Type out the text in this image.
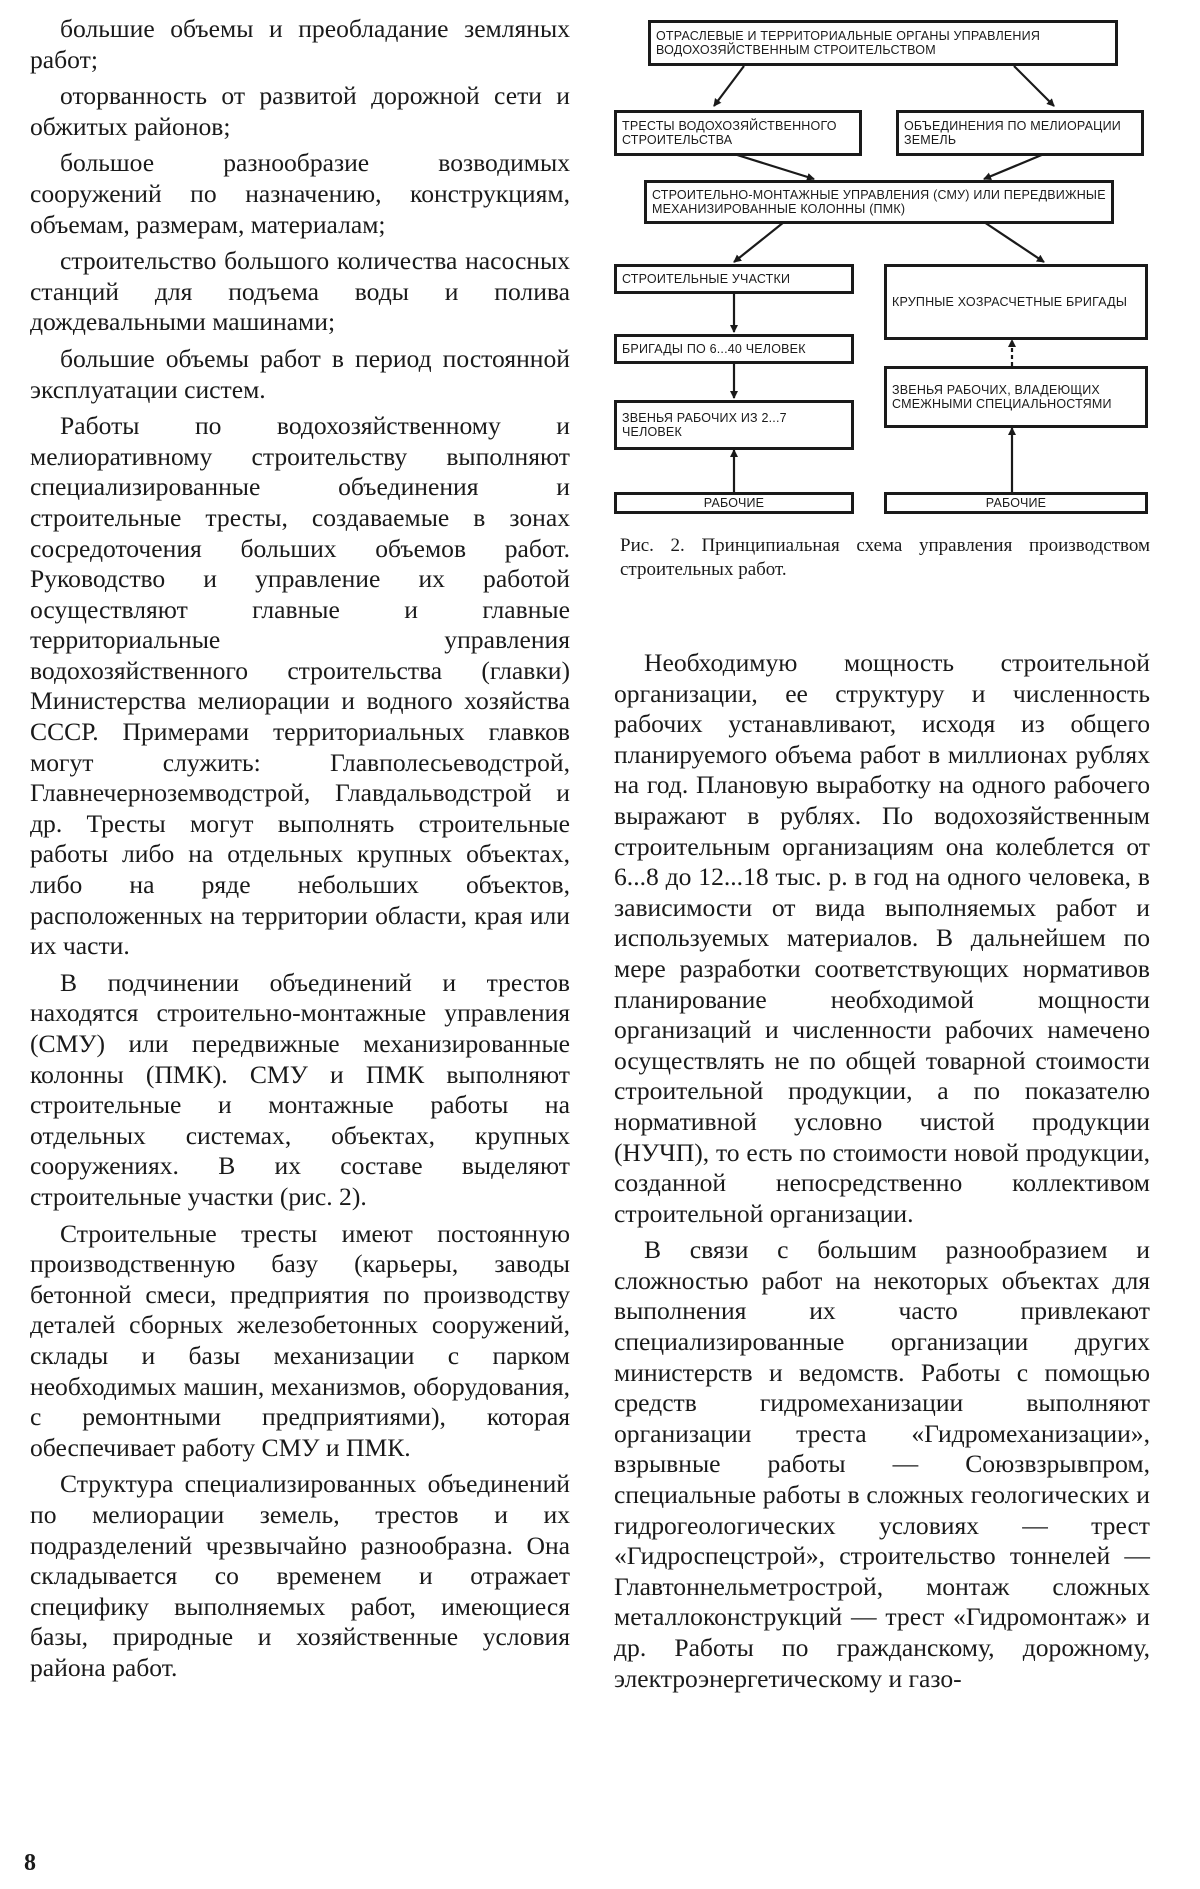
большие объемы и преобладание земляных работ;

оторванность от развитой дорожной сети и обжитых районов;

большое разнообразие возводимых сооружений по назначению, конструкциям, объемам, размерам, материалам;

строительство большого количества насосных станций для подъема воды и полива дождевальными машинами;

большие объемы работ в период постоянной эксплуатации систем.

Работы по водохозяйственному и мелиоративному строительству выполняют специализированные объединения и строительные тресты, создаваемые в зонах сосредоточения больших объемов работ. Руководство и управление их работой осуществляют главные и главные территориальные управления водохозяйственного строительства (главки) Министерства мелиорации и водного хозяйства СССР. Примерами территориальных главков могут служить: Главполесьеводстрой, Главнечерноземводстрой, Главдальводстрой и др. Тресты могут выполнять строительные работы либо на отдельных крупных объектах, либо на ряде небольших объектов, расположенных на территории области, края или их части.

В подчинении объединений и трестов находятся строительно-монтажные управления (СМУ) или передвижные механизированные колонны (ПМК). СМУ и ПМК выполняют строительные и монтажные работы на отдельных системах, объектах, крупных сооружениях. В их составе выделяют строительные участки (рис. 2).

Строительные тресты имеют постоянную производственную базу (карьеры, заводы бетонной смеси, предприятия по производству деталей сборных железобетонных сооружений, склады и базы механизации с парком необходимых машин, механизмов, оборудования, с ремонтными предприятиями), которая обеспечивает работу СМУ и ПМК.

Структура специализированных объединений по мелиорации земель, трестов и их подразделений чрезвычайно разнообразна. Она складывается со временем и отражает специфику выполняемых работ, имеющиеся базы, природные и хозяйственные условия района работ.

ОТРАСЛЕВЫЕ И ТЕРРИТОРИАЛЬНЫЕ ОРГАНЫ УПРАВЛЕНИЯ ВОДОХОЗЯЙСТВЕННЫМ СТРОИТЕЛЬСТВОМ
ТРЕСТЫ ВОДОХОЗЯЙСТВЕННОГО СТРОИТЕЛЬСТВА
ОБЪЕДИНЕНИЯ ПО МЕЛИОРАЦИИ ЗЕМЕЛЬ
СТРОИТЕЛЬНО-МОНТАЖНЫЕ УПРАВЛЕНИЯ (СМУ) ИЛИ ПЕРЕДВИЖНЫЕ МЕХАНИЗИРОВАННЫЕ КОЛОННЫ (ПМК)
СТРОИТЕЛЬНЫЕ УЧАСТКИ
КРУПНЫЕ ХОЗРАСЧЕТНЫЕ БРИГАДЫ
БРИГАДЫ ПО 6...40 ЧЕЛОВЕК
ЗВЕНЬЯ РАБОЧИХ, ВЛАДЕЮЩИХ СМЕЖНЫМИ СПЕЦИАЛЬНОСТЯМИ
ЗВЕНЬЯ РАБОЧИХ ИЗ 2...7 ЧЕЛОВЕК
РАБОЧИЕ	РАБОЧИЕ

Рис. 2. Принципиальная схема управления производством строительных работ.

Необходимую мощность строительной организации, ее структуру и численность рабочих устанавливают, исходя из общего планируемого объема работ в миллионах рублях на год. Плановую выработку на одного рабочего выражают в рублях. По водохозяйственным строительным организациям она колеблется от 6...8 до 12...18 тыс. р. в год на одного человека, в зависимости от вида выполняемых работ и используемых материалов. В дальнейшем по мере разработки соответствующих нормативов планирование необходимой мощности организаций и численности рабочих намечено осуществлять не по общей товарной стоимости строительной продукции, а по показателю нормативной условно чистой продукции (НУЧП), то есть по стоимости новой продукции, созданной непосредственно коллективом строительной организации.

В связи с большим разнообразием и сложностью работ на некоторых объектах для выполнения их часто привлекают специализированные организации других министерств и ведомств. Работы с помощью средств гидромеханизации выполняют организации треста «Гидромеханизации», взрывные работы — Союзвзрывпром, специальные работы в сложных геологических и гидрогеологических условиях — трест «Гидроспецстрой», строительство тоннелей — Главтоннельметрострой, монтаж сложных металлоконструкций — трест «Гидромонтаж» и др. Работы по гражданскому, дорожному, электроэнергетическому и газо-

8
